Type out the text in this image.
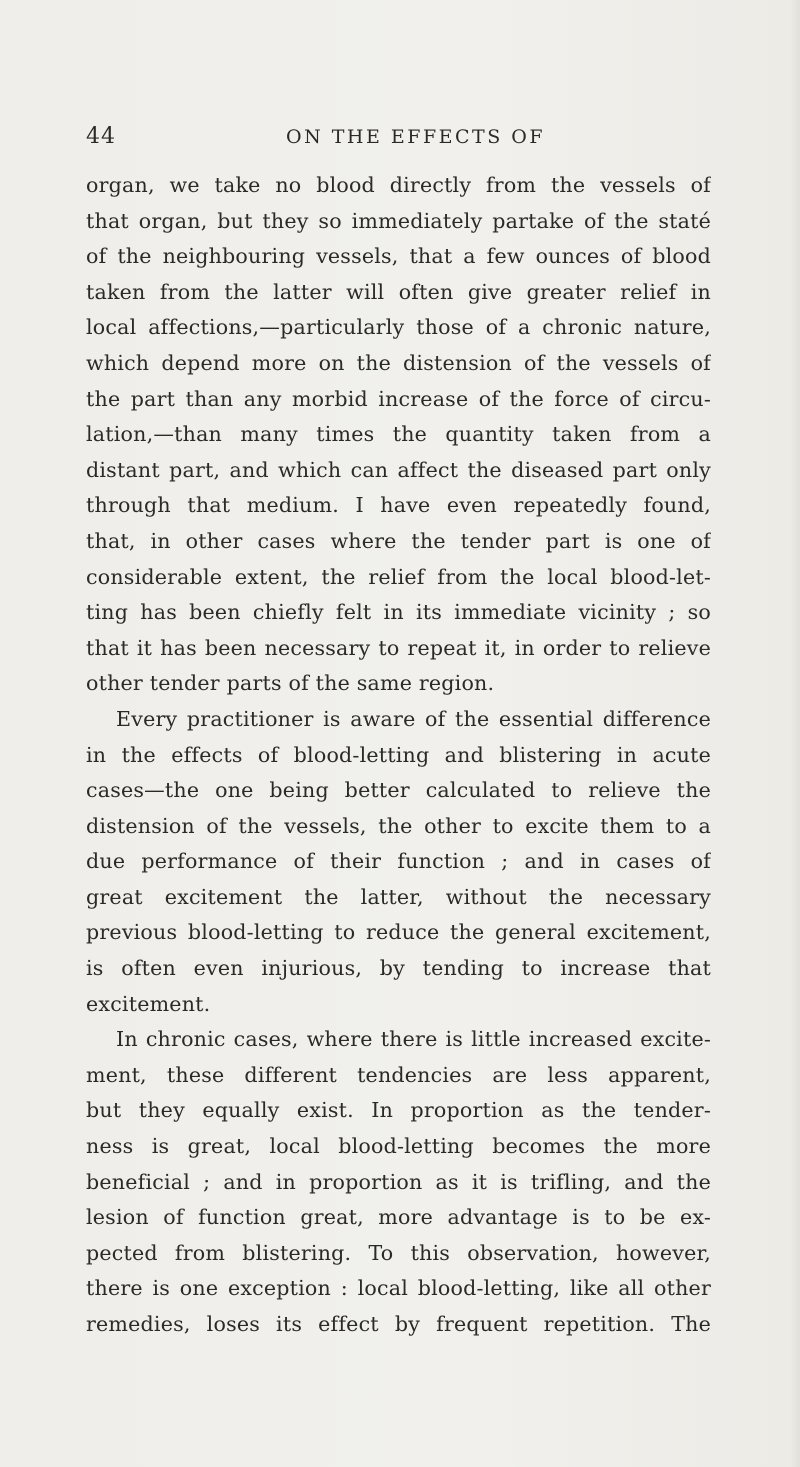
44	ON THE EFFECTS OF
organ, we take no blood directly from the vessels of
that organ, but they so immediately partake of the staté
of the neighbouring vessels, that a few ounces of blood
taken from the latter will often give greater relief in
local affections,—particularly those of a chronic nature,
which depend more on the distension of the vessels of
the part than any morbid increase of the force of circu-
lation,—than many times the quantity taken from a
distant part, and which can affect the diseased part only
through that medium. I have even repeatedly found,
that, in other cases where the tender part is one of
considerable extent, the relief from the local blood-let-
ting has been chiefly felt in its immediate vicinity ; so
that it has been necessary to repeat it, in order to relieve
other tender parts of the same region.
Every practitioner is aware of the essential difference
in the effects of blood-letting and blistering in acute
cases—the one being better calculated to relieve the
distension of the vessels, the other to excite them to a
due performance of their function ; and in cases of
great excitement the latter, without the necessary
previous blood-letting to reduce the general excitement,
is often even injurious, by tending to increase that
excitement.
In chronic cases, where there is little increased excite-
ment, these different tendencies are less apparent,
but they equally exist. In proportion as the tender-
ness is great, local blood-letting becomes the more
beneficial ; and in proportion as it is trifling, and the
lesion of function great, more advantage is to be ex-
pected from blistering. To this observation, however,
there is one exception : local blood-letting, like all other
remedies, loses its effect by frequent repetition. The
